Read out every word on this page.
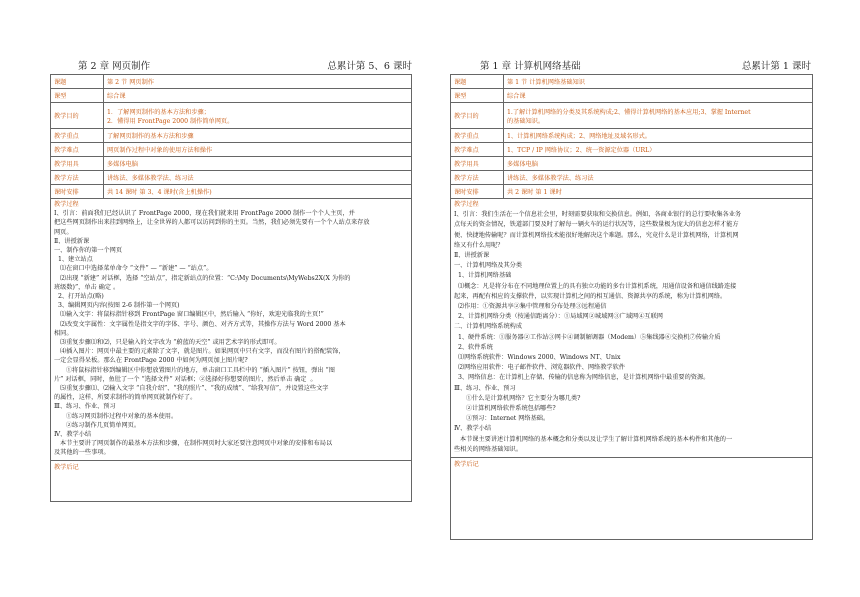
第 2 章 网页制作	总累计第 5、6 课时
课题	第 2 节 网页制作
课型	综合课
教学目的	1．了解网页制作的基本方法和步骤；
2．懂得用 FrontPage 2000 制作简单网页。

教学重点	了解网页制作的基本方法和步骤
教学难点	网页制作过程中对象的使用方法和操作
教学用具	多媒体电脑
教学方法	讲练法、多媒体教学法、练习法
课时安排	共 14 课时 第 3、4 课时(含上机操作)
教学过程
Ⅰ、引言：前面我们已经认识了 FrontPage 2000，现在我们就来用 FrontPage 2000 制作一个个人主页，并
把这些网页制作出来挂到网络上，让全世界的人都可以访问到你的主页。当然，我们必须先要有一个个人站点来存放
网页。
Ⅱ、讲授新课
一、制作你的第一个网页
1、建立站点
⑴在窗口中选择菜单命令 “文件” — “新建” — “站点”。
⑵出现 “新建” 对话框，选择 “空站点”，指定新站点的位置：“C:\My Documents\MyWebs2X(X 为你的
班级数)”，单击 确定 。
2、打开站点(略)
3、编辑网页内容(按图 2-6 制作第一个网页)
⑴输入文字：将鼠标指针移到 FrontPage 窗口编辑区中，然后输入 “你好，欢迎光临我的主页!”
⑵改变文字属性：文字属性是指文字的字体、字号、颜色、对齐方式等，其操作方法与 Word 2000 基本
相同。
⑶重复步骤⑴和⑵，只是输入的文字改为 “蔚蓝的天空” 或用艺术字的形式即可。
⑷插入图片：网页中最主要的元素除了文字，就是图片。如果网页中只有文字，而没有图片的搭配装饰，
一定会显得呆板。那么在 FrontPage 2000 中如何为网页加上图片呢?
①将鼠标指针移到编辑区中你想放置图片的地方，单击窗口工具栏中的 “插入图片” 按钮，弹出 “图
片” 对话框，同时，鱼肚了一个 “选择文件” 对话框；②选择好你想要的图片，然后单击 确定  。
⑸重复步骤⑴、⑵输入文字 “自我介绍”、“我的照片”、“我的成绩”、“给我写信”，并设置这些文字
的属性，这样，所要求制作的简单网页就制作好了。
Ⅲ、练习、作业、预习
①练习网页制作过程中对象的基本使用。
②练习制作几页简单网页。
Ⅳ、教学小结
本节主要讲了网页制作的最基本方法和步骤，在制作网页时大家还要注意网页中对象的安排和布局以
及其他的一些事项。
教学后记
第 1 章 计算机网络基础	总累计第 1 课时
课题	第 1 节 计算机网络基础知识
课型	综合课
教学目的	1.了解计算机网络的分类及其系统构成;2、懂得计算机网络的基本应用;3、掌握 Internet
的基础知识。

教学重点	1、计算机网络系统构成；2、网络地址及域名形式。
教学难点	1、TCP / IP 网络协议；2、统一资源定位器（URL）
教学用具	多媒体电脑
教学方法	讲练法、多媒体教学法、练习法
课时安排	共 2 课时 第 1 课时
教学过程
Ⅰ、引言：我们生活在一个信息社会里，时刻需要获取和交换信息。例如，各商业银行的总行要收集各业务
点每天的资金情况，铁道部门要及时了解每一辆火车的运行状况等，这些数量极为庞大的信息怎样才能方
便、快捷地传输呢？而计算机网络技术能很好地解决这个难题。那么，究竟什么是计算机网络，计算机网
络又有什么用呢？
Ⅱ、讲授新课
一、计算机网络及其分类
1、计算机网络基础
⑴概念：凡是将分布在不同地理位置上的具有独立功能的多台计算机系统，用通信设备和通信线路连接
起来，再配有相应的支撑软件，以实现计算机之间的相互通信、资源共享的系统，称为计算机网络。
⑵作用：①资源共享②集中管理和分布处理③远程通信
2、计算机网络分类（按通信距离分）：①局域网②城域网③广域网④互联网
二、计算机网络系统构成
1、硬件系统：①服务器②工作站③网卡④调制解调器（Modem）⑤集线器⑥交换机⑦传输介质
2、软件系统
⑴网络系统软件：Windows 2000、Windows NT、Unix
⑵网络应用软件：电子邮件软件、浏览器软件、网络教学软件
3、网络信息：在计算机上存储、传输的信息称为网络信息，是计算机网络中最重要的资源。
Ⅲ、练习、作业、预习
①什么是计算机网络？它主要分为哪几类?
②计算机网络软件系统包括哪些?
③预习：Internet 网络基础。
Ⅳ、教学小结
本节课主要讲述计算机网络的基本概念和分类以及让学生了解计算机网络系统的基本构件和其他的一
些相关的网络基础知识。
教学后记
